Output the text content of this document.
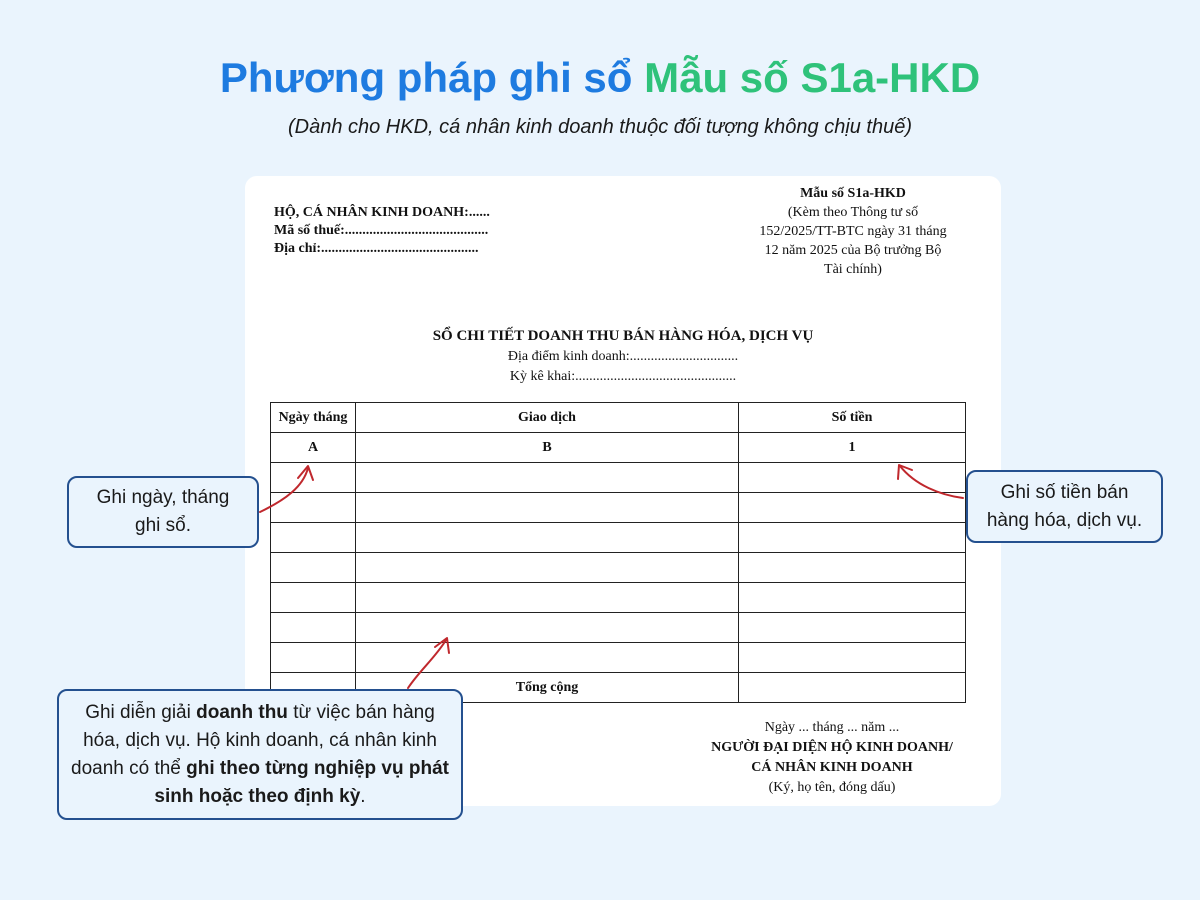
Phương pháp ghi sổ Mẫu số S1a-HKD

(Dành cho HKD, cá nhân kinh doanh thuộc đối tượng không chịu thuế)

HỘ, CÁ NHÂN KINH DOANH:......
Mã số thuế:.........................................
Địa chỉ:.............................................
Mẫu số S1a-HKD
(Kèm theo Thông tư số
152/2025/TT-BTC ngày 31 tháng
12 năm 2025 của Bộ trưởng Bộ
Tài chính)
SỔ CHI TIẾT DOANH THU BÁN HÀNG HÓA, DỊCH VỤ
Địa điểm kinh doanh:...............................
Kỳ kê khai:..............................................
Ngày tháng	Giao dịch	Số tiền
A	B	1

	Tổng cộng	
Ngày ... tháng ... năm ...
NGƯỜI ĐẠI DIỆN HỘ KINH DOANH/
CÁ NHÂN KINH DOANH
(Ký, họ tên, đóng dấu)
Ghi ngày, tháng ghi sổ.
Ghi số tiền bán hàng hóa, dịch vụ.
Ghi diễn giải doanh thu từ việc bán hàng hóa, dịch vụ. Hộ kinh doanh, cá nhân kinh doanh có thể ghi theo từng nghiệp vụ phát sinh hoặc theo định kỳ.
